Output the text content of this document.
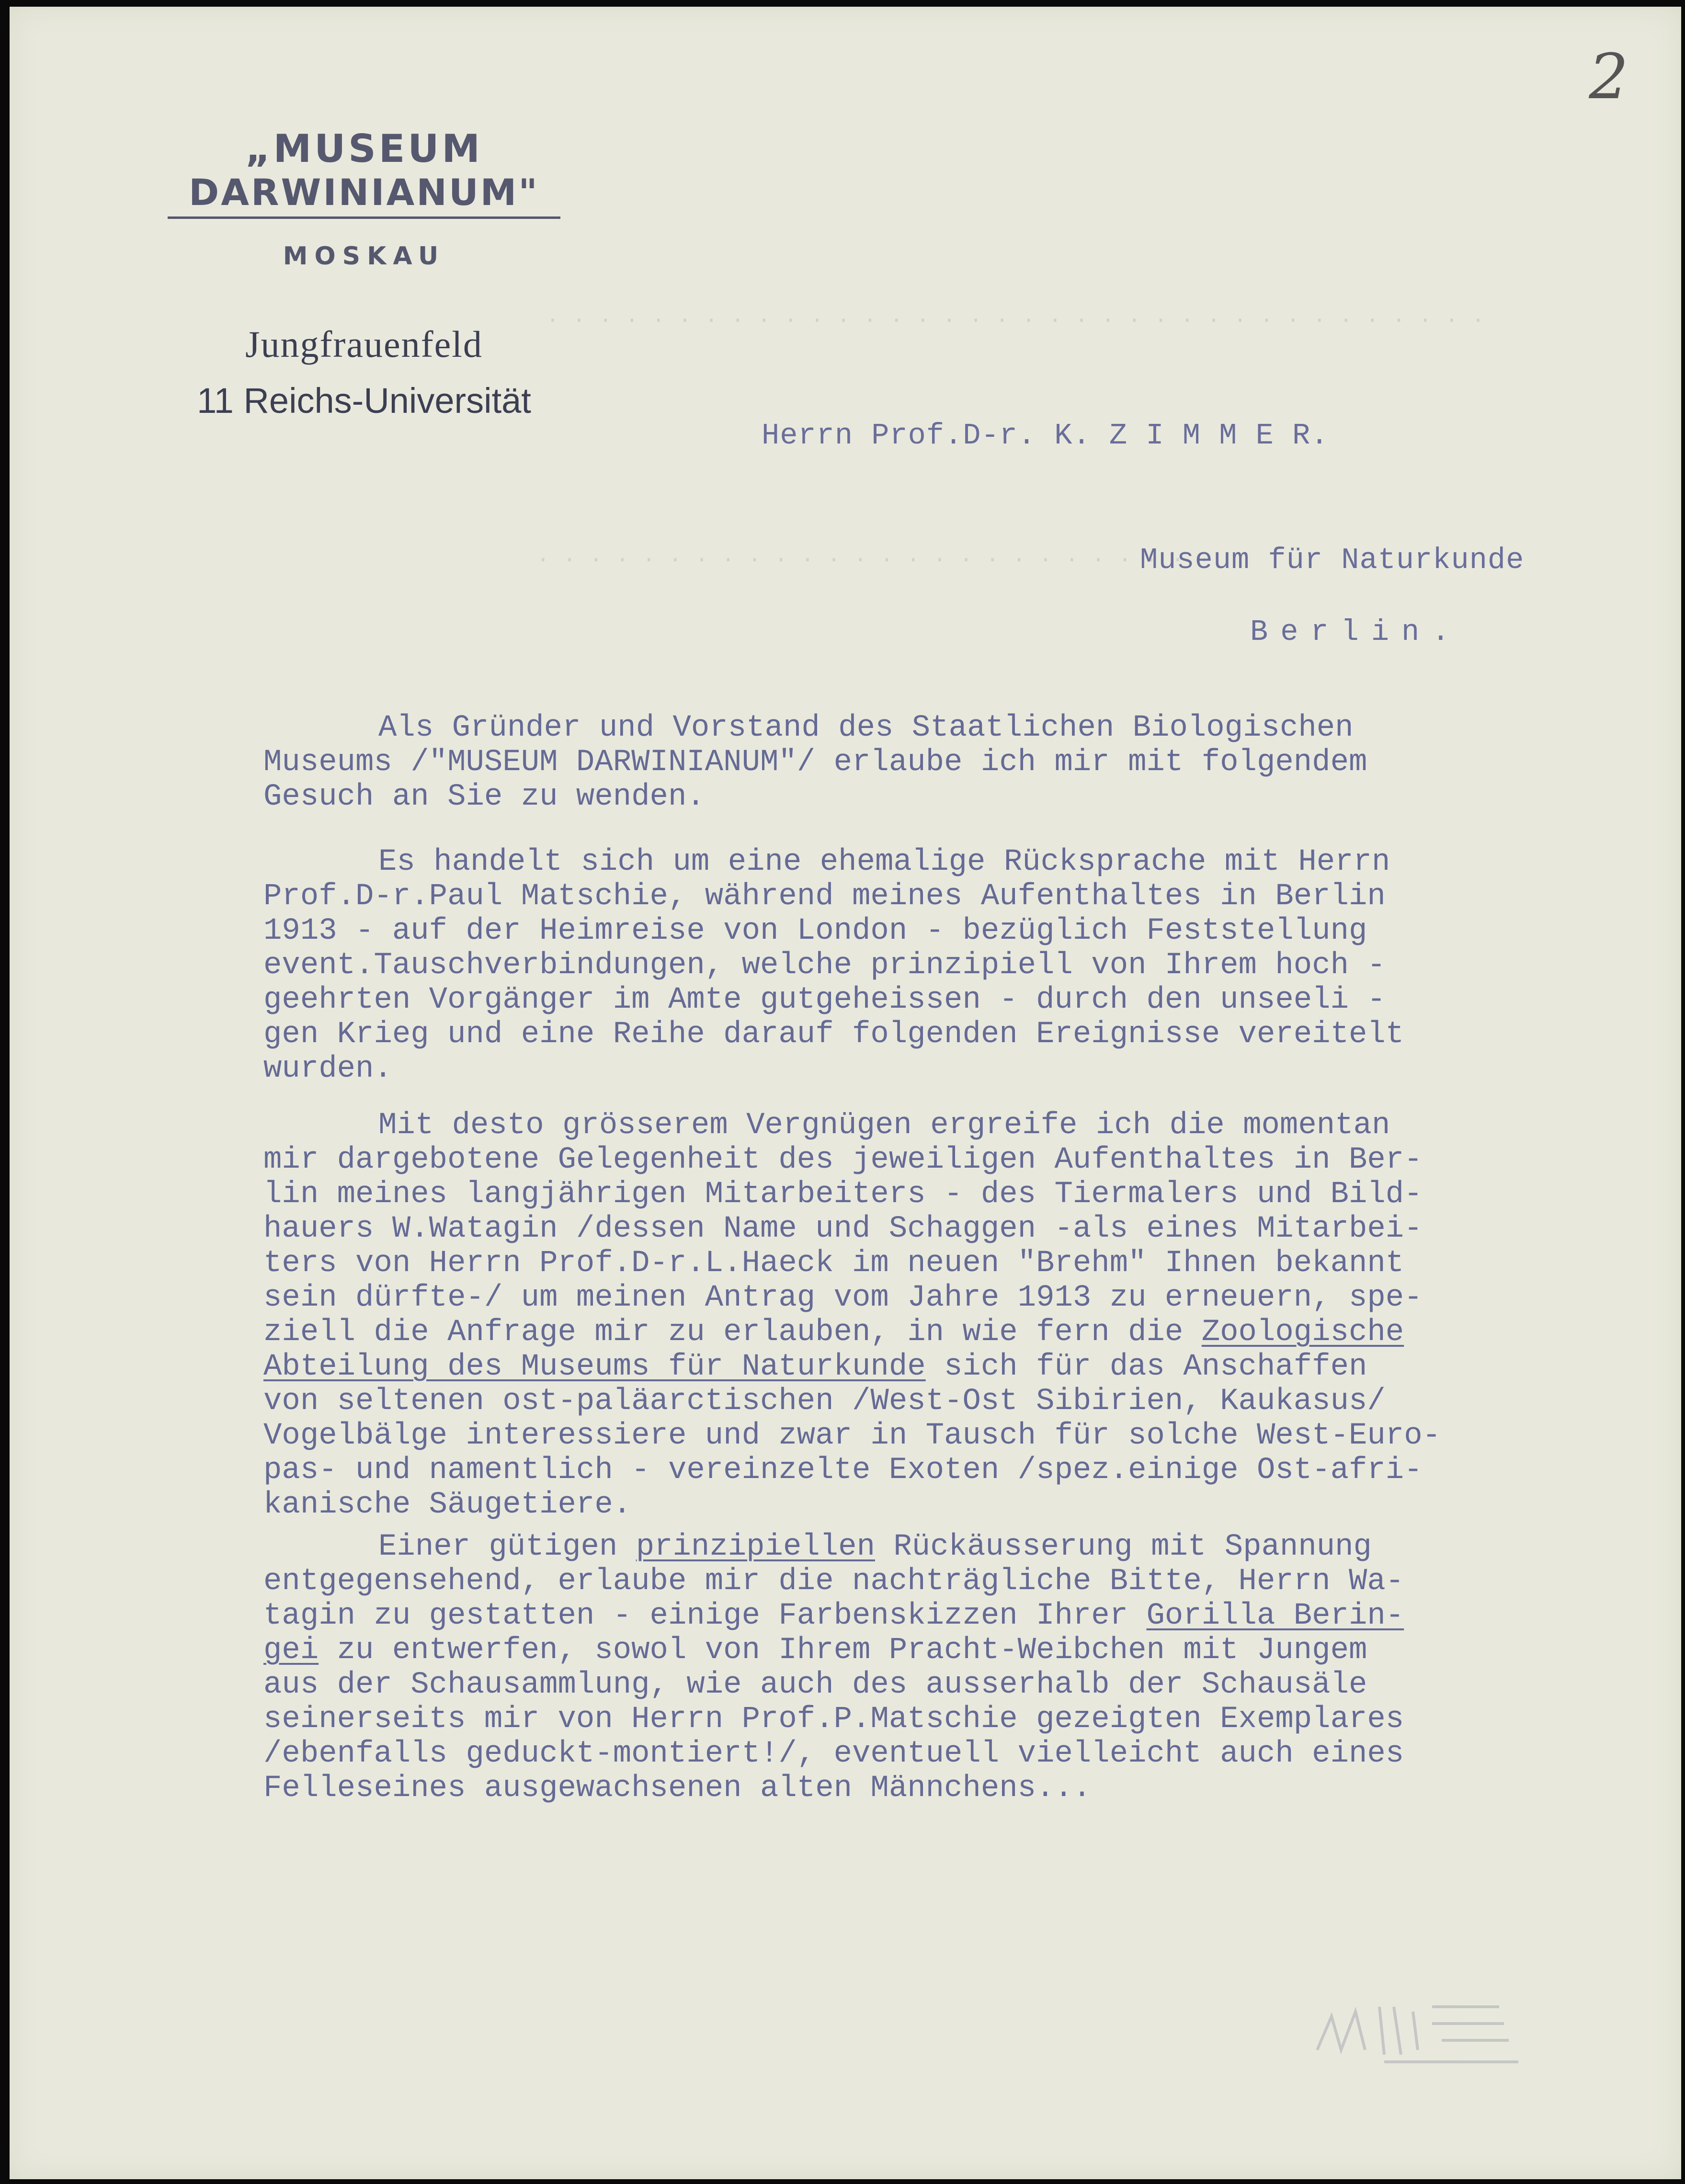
. . . . . . . . . . . . . . . . . . . . . . . . . . . . . . . . . . . .
. . . . . . . . . . . . . . . . . . . . . . . . . .
2
„MUSEUM
DARWINIANUM"
MOSKAU
Jungfrauenfeld
11 Reichs-Universität
Herrn Prof.D-r. K. Z I M M E R.
Museum für Naturkunde
Berlin.
Als Gründer und Vorstand des Staatlichen Biologischen
Museums /"MUSEUM DARWINIANUM"/ erlaube ich mir mit folgendem
Gesuch an Sie zu wenden.
Es handelt sich um eine ehemalige Rücksprache mit Herrn
Prof.D-r.Paul Matschie, während meines Aufenthaltes in Berlin
1913 - auf der Heimreise von London - bezüglich Feststellung
event.Tauschverbindungen, welche prinzipiell von Ihrem hoch -
geehrten Vorgänger im Amte gutgeheissen - durch den unseeli -
gen Krieg und eine Reihe darauf folgenden Ereignisse vereitelt
wurden.
Mit desto grösserem Vergnügen ergreife ich die momentan
mir dargebotene Gelegenheit des jeweiligen Aufenthaltes in Ber-
lin meines langjährigen Mitarbeiters - des Tiermalers und Bild-
hauers W.Watagin /dessen Name und Schaggen -als eines Mitarbei-
ters von Herrn Prof.D-r.L.Haeck im neuen "Brehm" Ihnen bekannt
sein dürfte-/ um meinen Antrag vom Jahre 1913 zu erneuern, spe-
ziell die Anfrage mir zu erlauben, in wie fern die Zoologische
Abteilung des Museums für Naturkunde sich für das Anschaffen
von seltenen ost-paläarctischen /West-Ost Sibirien, Kaukasus/
Vogelbälge interessiere und zwar in Tausch für solche West-Euro-
pas- und namentlich - vereinzelte Exoten /spez.einige Ost-afri-
kanische Säugetiere.
Einer gütigen prinzipiellen Rückäusserung mit Spannung
entgegensehend, erlaube mir die nachträgliche Bitte, Herrn Wa-
tagin zu gestatten - einige Farbenskizzen Ihrer Gorilla Berin-
gei zu entwerfen, sowol von Ihrem Pracht-Weibchen mit Jungem
aus der Schausammlung, wie auch des ausserhalb der Schausäle
seinerseits mir von Herrn Prof.P.Matschie gezeigten Exemplares
/ebenfalls geduckt-montiert!/, eventuell vielleicht auch eines
Felleseines ausgewachsenen alten Männchens...
